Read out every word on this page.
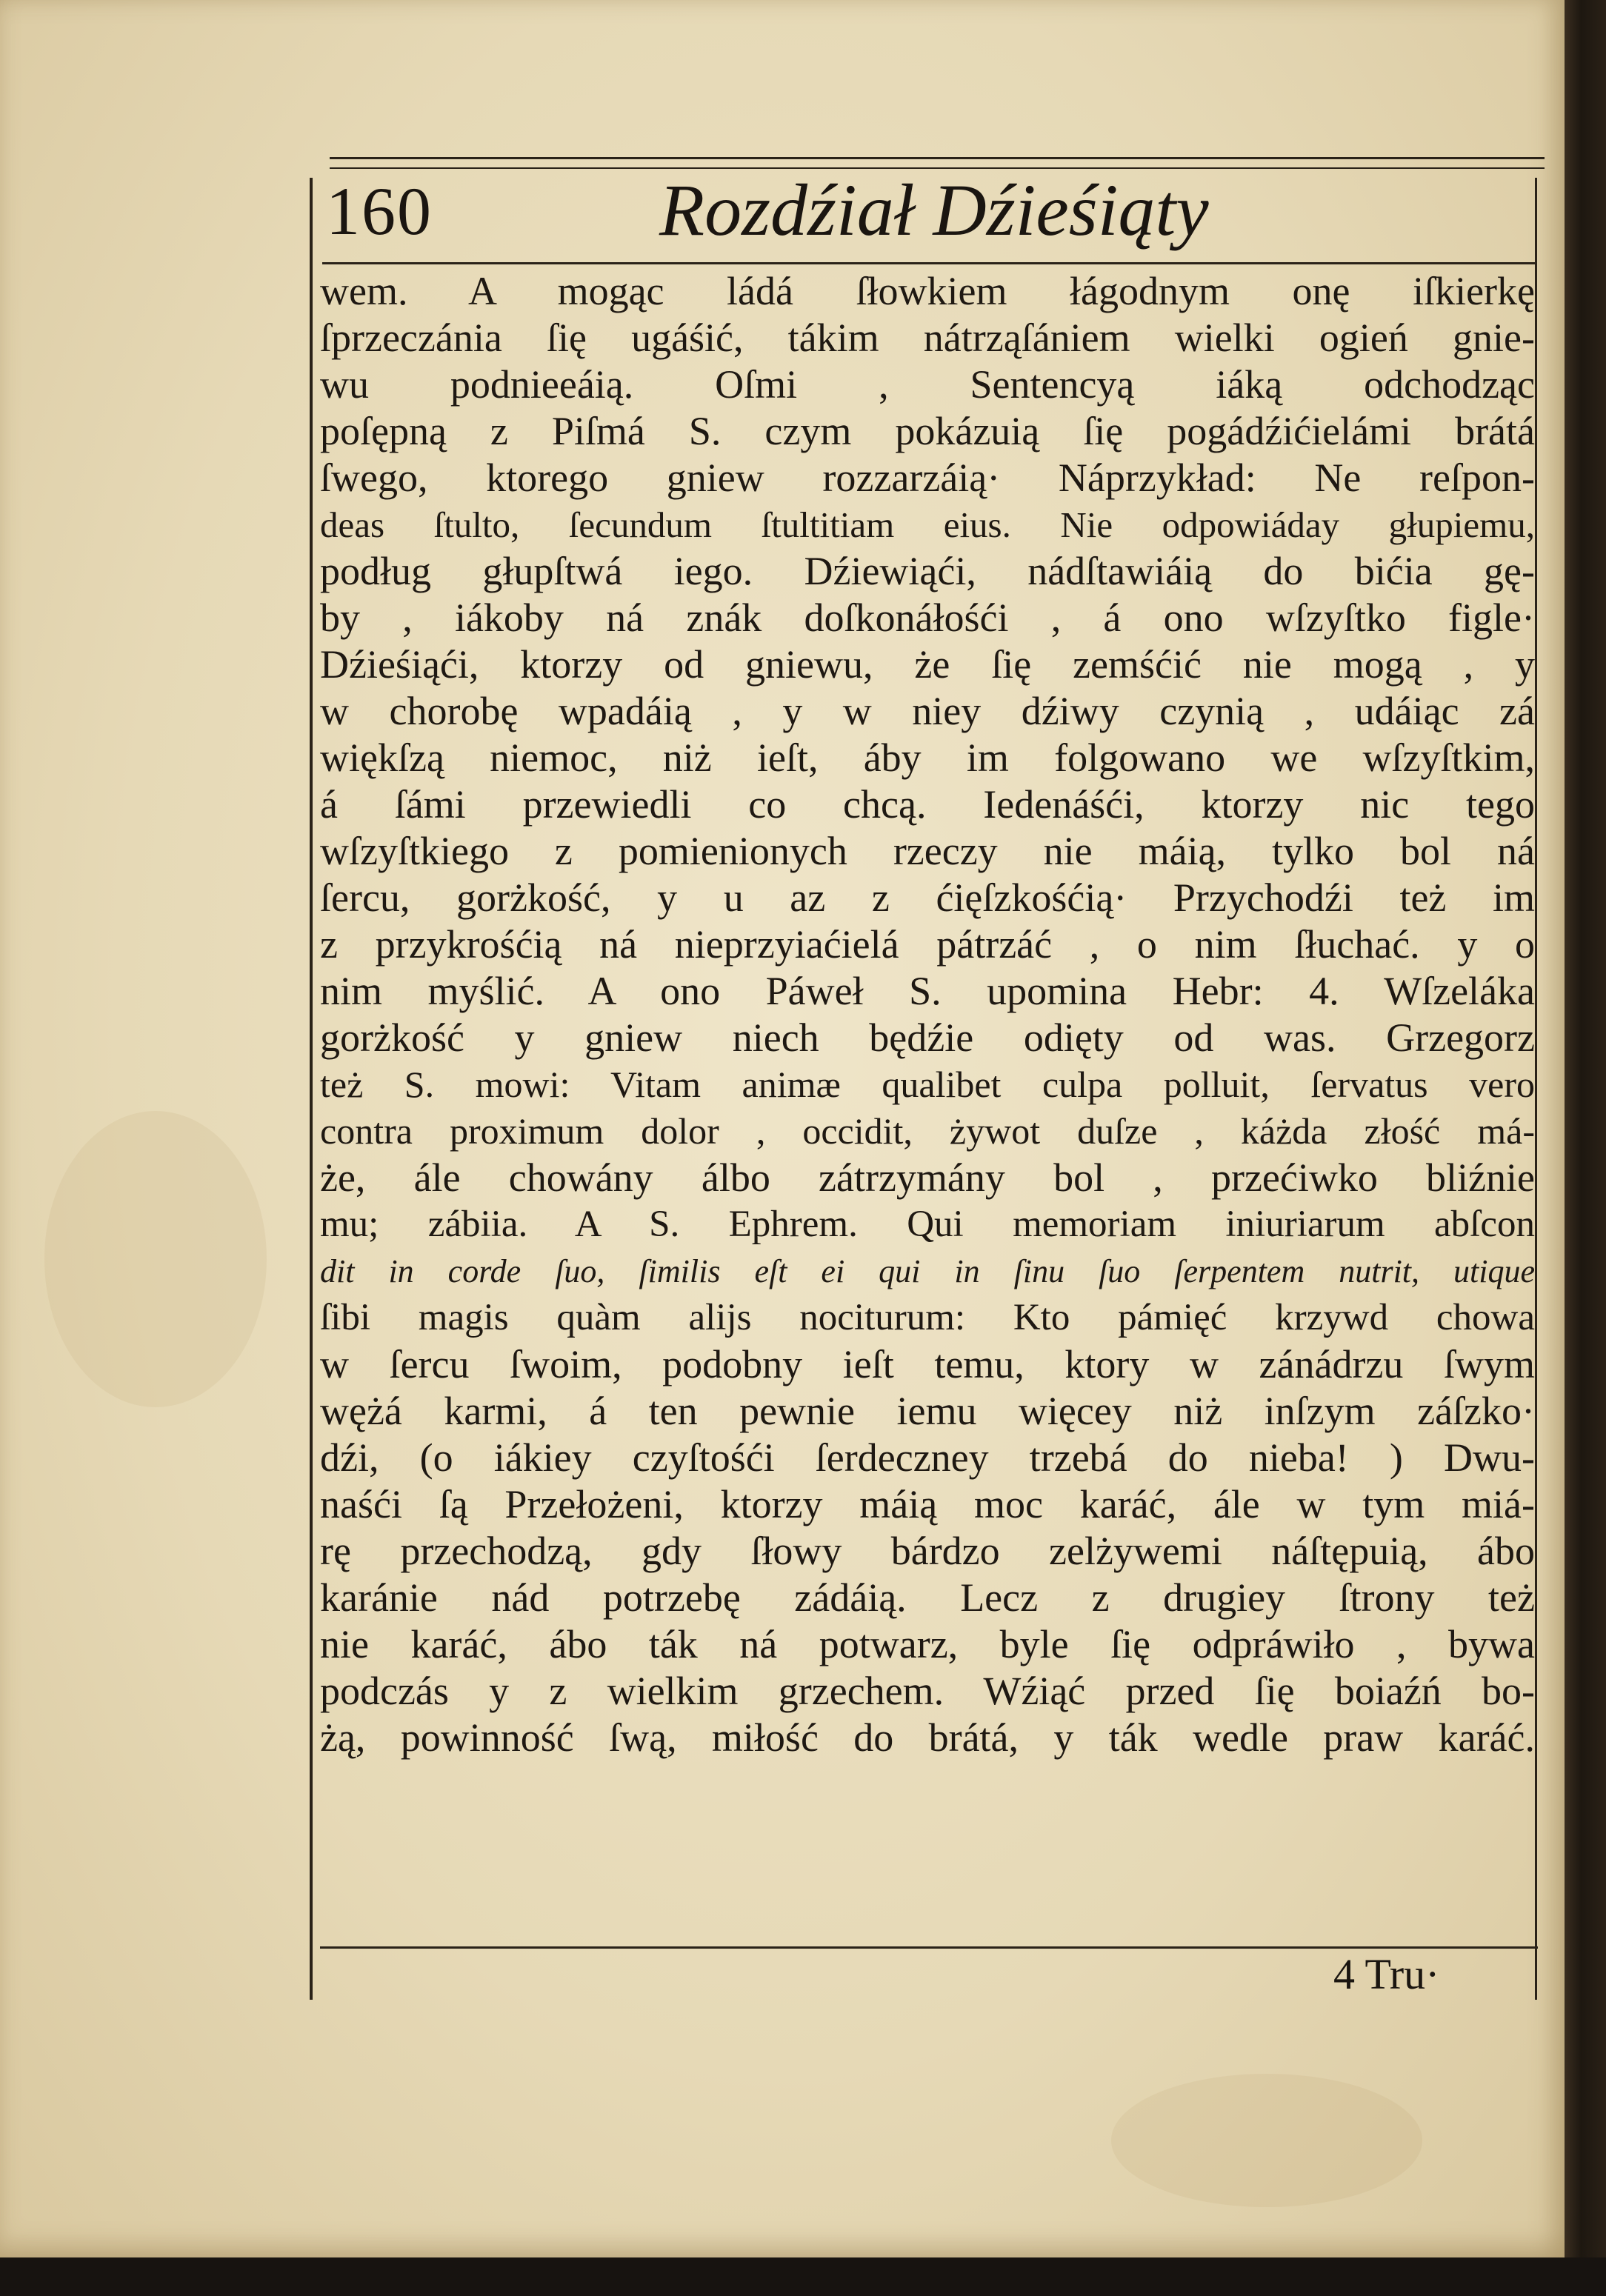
160	Rozdźiał Dźieśiąty
wem. A mogąc ládá ſłowkiem łágodnym onę iſkierkę
ſprzeczánia ſię ugáśić, tákim nátrząſániem wielki ogień gnie-
wu podnieeáią. Oſmi , Sentencyą iáką odchodząc
poſępną z Piſmá S. czym pokázuią ſię pogádźićielámi brátá
ſwego, ktorego gniew rozzarzáią· Náprzykład: Ne reſpon-
deas ſtulto, ſecundum ſtultitiam eius. Nie odpowiáday głupiemu,
podług głupſtwá iego. Dźiewiąći, nádſtawiáią do bićia gę-
by , iákoby ná znák doſkonáłośći , á ono wſzyſtko figle·
Dźieśiąći, ktorzy od gniewu, że ſię zemśćić nie mogą , y
w chorobę wpadáią , y w niey dźiwy czynią , udáiąc zá
więkſzą niemoc, niż ieſt, áby im folgowano we wſzyſtkim,
á ſámi przewiedli co chcą. Iedenáśći, ktorzy nic tego
wſzyſtkiego z pomienionych rzeczy nie máią, tylko bol ná
ſercu, gorżkość, y u az z ćięſzkośćią· Przychodźi też im
z przykrośćią ná nieprzyiaćielá pátrzáć , o nim ſłuchać. y o
nim myślić. A ono Páweł S. upomina Hebr: 4. Wſzeláka
gorżkość y gniew niech będźie odięty od was. Grzegorz
też S. mowi: Vitam animæ qualibet culpa polluit, ſervatus vero
contra proximum dolor , occidit, żywot duſze , káżda złość má-
że, ále chowány álbo zátrzymány bol , przećiwko bliźnie
mu; zábiia. A S. Ephrem. Qui memoriam iniuriarum abſcon
dit in corde ſuo, ſimilis eſt ei qui in ſinu ſuo ſerpentem nutrit, utique
ſibi magis quàm alijs nociturum: Kto pámięć krzywd chowa
w ſercu ſwoim, podobny ieſt temu, ktory w zánádrzu ſwym
wężá karmi, á ten pewnie iemu więcey niż inſzym záſzko·
dźi, (o iákiey czyſtośći ſerdeczney trzebá do nieba! ) Dwu-
naśći ſą Przełożeni, ktorzy máią moc karáć, ále w tym miá-
rę przechodzą, gdy ſłowy bárdzo zelżywemi náſtępuią, ábo
karánie nád potrzebę zádáią. Lecz z drugiey ſtrony też
nie karáć, ábo ták ná potwarz, byle ſię odpráwiło , bywa
podczás y z wielkim grzechem. Wźiąć przed ſię boiaźń bo-
żą, powinność ſwą, miłość do brátá, y ták wedle praw karáć.
4 Tru·
